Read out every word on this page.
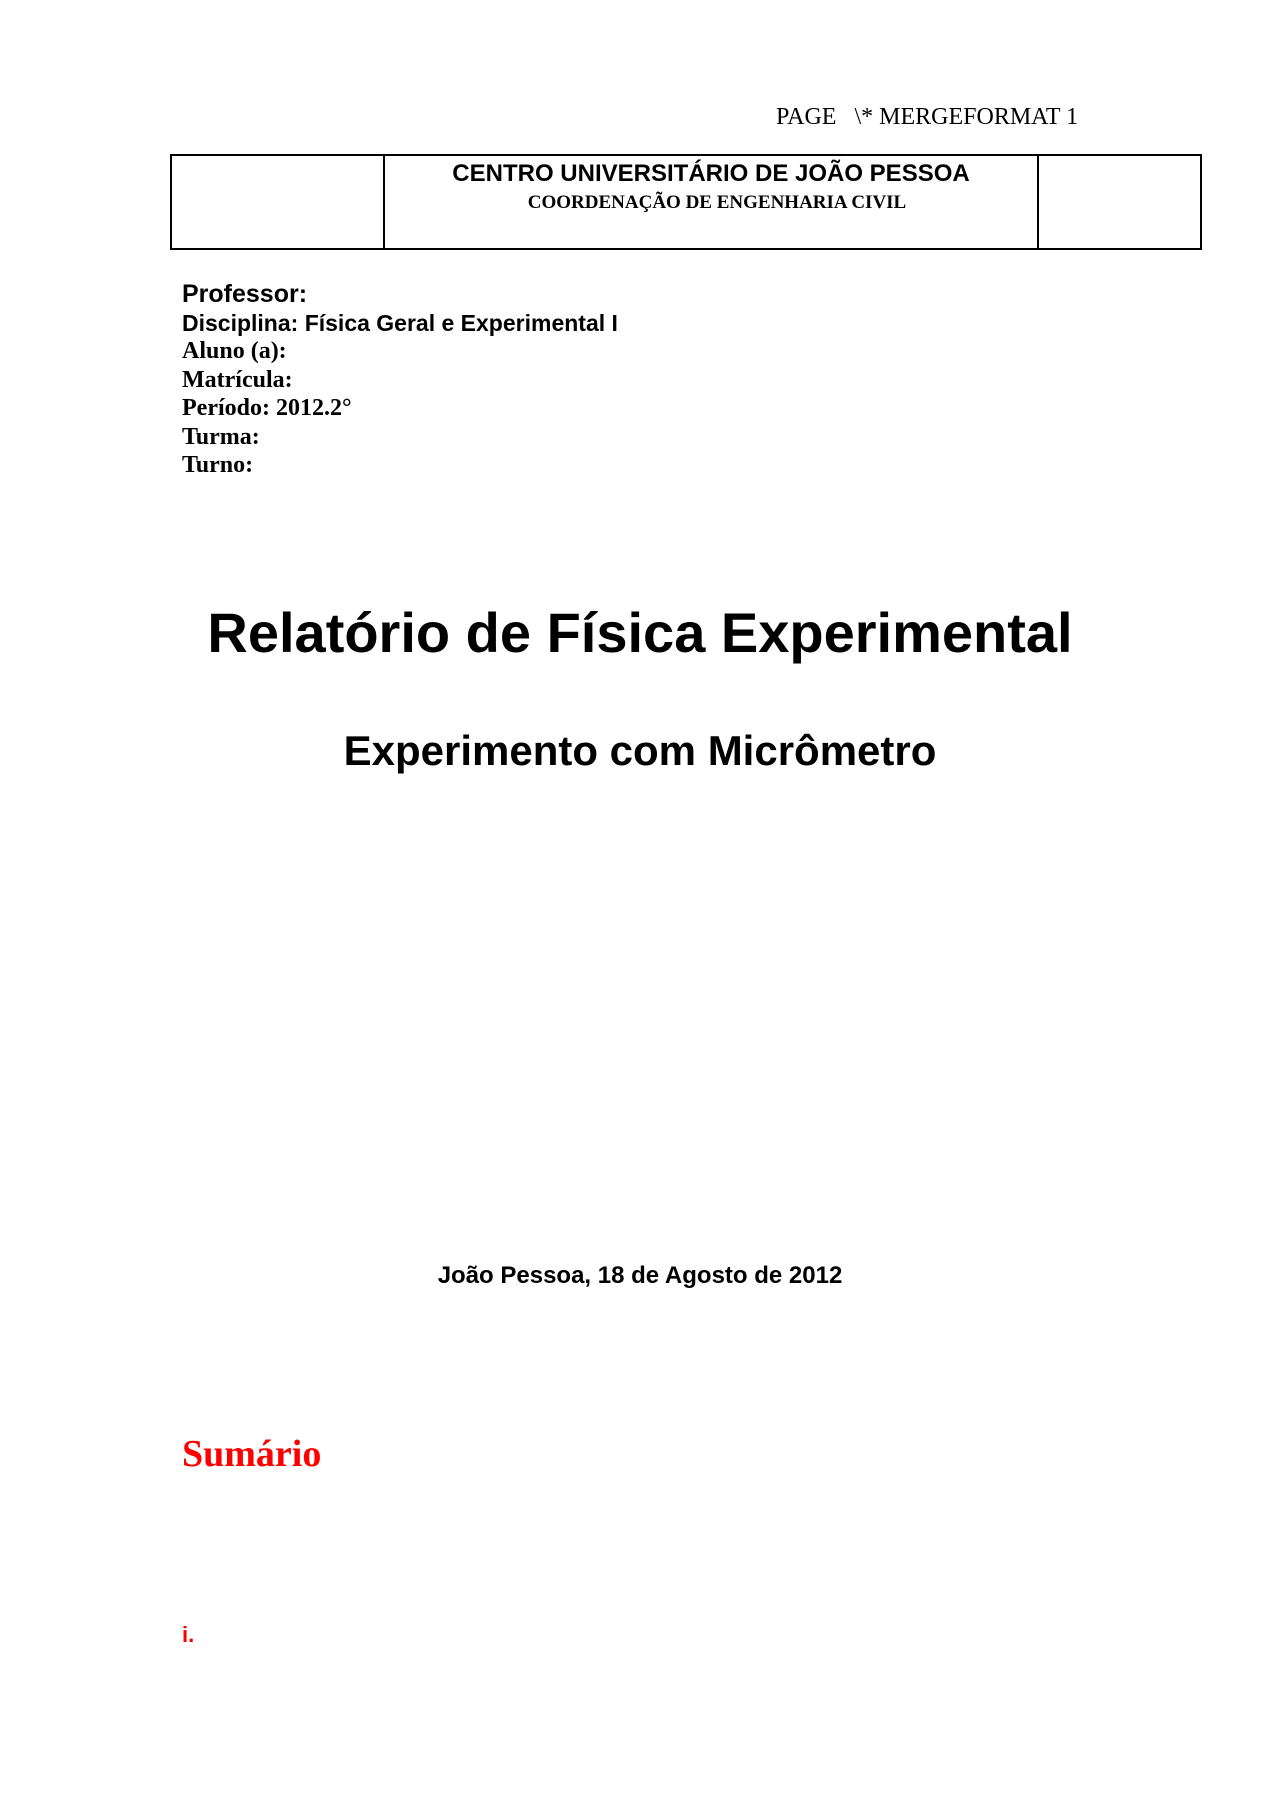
PAGE   \* MERGEFORMAT 1
CENTRO UNIVERSITÁRIO DE JOÃO PESSOA
COORDENAÇÃO DE ENGENHARIA CIVIL
Professor:
Disciplina: Física Geral e Experimental I
Aluno (a):
Matrícula:
Período: 2012.2°
Turma:
Turno:
Relatório de Física Experimental
Experimento com Micrômetro
João Pessoa, 18 de Agosto de 2012
Sumário
i.
